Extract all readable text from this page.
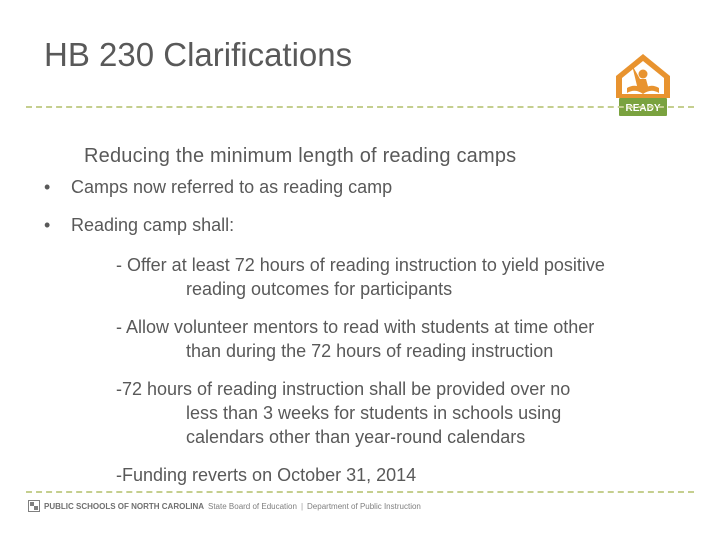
HB 230 Clarifications
READY
Reducing the minimum length of reading camps
• Camps now referred to as reading camp
• Reading camp shall:
- Offer at least 72 hours of reading instruction to yield positive
reading outcomes for participants
- Allow volunteer mentors to read with students at time other
than during the 72 hours of reading instruction
-72 hours of reading instruction shall be provided over no
less than 3 weeks for students in schools using
calendars other than year-round calendars
-Funding reverts on October 31, 2014
PUBLIC SCHOOLS OF NORTH CAROLINA State Board of Education | Department of Public Instruction
